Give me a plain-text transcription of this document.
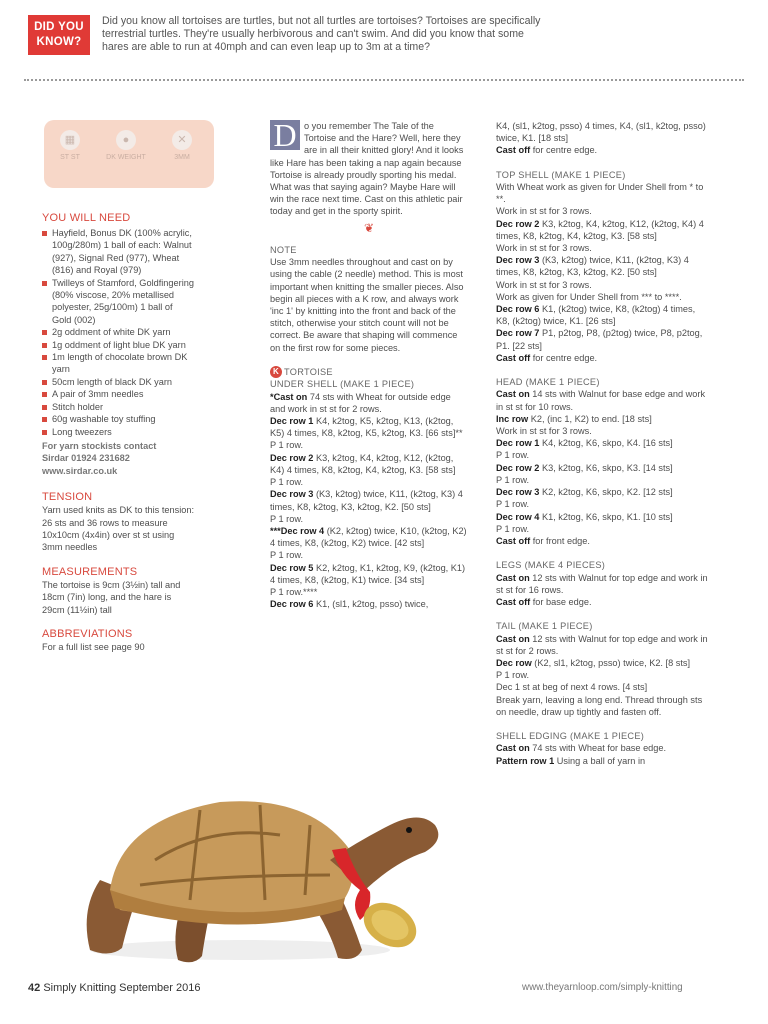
DID YOU
KNOW?
Did you know all tortoises are turtles, but not all turtles are tortoises? Tortoises are specifically terrestrial turtles. They're usually herbivorous and can't swim. And did you know that some hares are able to run at 40mph and can even leap up to 3m at a time?
▦
ST ST
●
DK WEIGHT
✕
3MM
YOU WILL NEED
Hayfield, Bonus DK (100% acrylic, 100g/280m) 1 ball of each: Walnut (927), Signal Red (977), Wheat (816) and Royal (979)
Twilleys of Stamford, Goldfingering (80% viscose, 20% metallised polyester, 25g/100m) 1 ball of Gold (002)
2g oddment of white DK yarn
1g oddment of light blue DK yarn
1m length of chocolate brown DK yarn
50cm length of black DK yarn
A pair of 3mm needles
Stitch holder
60g washable toy stuffing
Long tweezers
For yarn stockists contact
Sirdar 01924 231682
www.sirdar.co.uk
TENSION
Yarn used knits as DK to this tension: 26 sts and 36 rows to measure 10x10cm (4x4in) over st st using 3mm needles
MEASUREMENTS
The tortoise is 9cm (3½in) tall and 18cm (7in) long, and the hare is 29cm (11½in) tall
ABBREVIATIONS
For a full list see page 90
D o you remember The Tale of the Tortoise and the Hare? Well, here they are in all their knitted glory! And it looks like Hare has been taking a nap again because Tortoise is already proudly sporting his medal. What was that saying again? Maybe Hare will win the race next time. Cast on this athletic pair today and get in the sporty spirit.
❦
NOTE
Use 3mm needles throughout and cast on by using the cable (2 needle) method. This is most important when knitting the smaller pieces. Also begin all pieces with a K row, and always work 'inc 1' by knitting into the front and back of the stitch, otherwise your stitch count will not be correct. Be aware that shaping will commence on the first row for some pieces.
K TORTOISE
UNDER SHELL (MAKE 1 PIECE)
*Cast on 74 sts with Wheat for outside edge and work in st st for 2 rows.
Dec row 1 K4, k2tog, K5, k2tog, K13, (k2tog, K5) 4 times, K8, k2tog, K5, k2tog, K3. [66 sts]**
P 1 row.
Dec row 2 K3, k2tog, K4, k2tog, K12, (k2tog, K4) 4 times, K8, k2tog, K4, k2tog, K3. [58 sts]
P 1 row.
Dec row 3 (K3, k2tog) twice, K11, (k2tog, K3) 4 times, K8, k2tog, K3, k2tog, K2. [50 sts]
P 1 row.
***Dec row 4 (K2, k2tog) twice, K10, (k2tog, K2) 4 times, K8, (k2tog, K2) twice. [42 sts]
P 1 row.
Dec row 5 K2, k2tog, K1, k2tog, K9, (k2tog, K1) 4 times, K8, (k2tog, K1) twice. [34 sts]
P 1 row.****
Dec row 6 K1, (sl1, k2tog, psso) twice,
K4, (sl1, k2tog, psso) 4 times, K4, (sl1, k2tog, psso) twice, K1. [18 sts]
Cast off for centre edge.
TOP SHELL (MAKE 1 PIECE)
With Wheat work as given for Under Shell from * to **.
Work in st st for 3 rows.
Dec row 2 K3, k2tog, K4, k2tog, K12, (k2tog, K4) 4 times, K8, k2tog, K4, k2tog, K3. [58 sts]
Work in st st for 3 rows.
Dec row 3 (K3, k2tog) twice, K11, (k2tog, K3) 4 times, K8, k2tog, K3, k2tog, K2. [50 sts]
Work in st st for 3 rows.
Work as given for Under Shell from *** to ****.
Dec row 6 K1, (k2tog) twice, K8, (k2tog) 4 times, K8, (k2tog) twice, K1. [26 sts]
Dec row 7 P1, p2tog, P8, (p2tog) twice, P8, p2tog, P1. [22 sts]
Cast off for centre edge.
HEAD (MAKE 1 PIECE)
Cast on 14 sts with Walnut for base edge and work in st st for 10 rows.
Inc row K2, (inc 1, K2) to end. [18 sts]
Work in st st for 3 rows.
Dec row 1 K4, k2tog, K6, skpo, K4. [16 sts]
P 1 row.
Dec row 2 K3, k2tog, K6, skpo, K3. [14 sts]
P 1 row.
Dec row 3 K2, k2tog, K6, skpo, K2. [12 sts]
P 1 row.
Dec row 4 K1, k2tog, K6, skpo, K1. [10 sts]
P 1 row.
Cast off for front edge.
LEGS (MAKE 4 PIECES)
Cast on 12 sts with Walnut for top edge and work in st st for 16 rows.
Cast off for base edge.
TAIL (MAKE 1 PIECE)
Cast on 12 sts with Walnut for top edge and work in st st for 2 rows.
Dec row (K2, sl1, k2tog, psso) twice, K2. [8 sts]
P 1 row.
Dec 1 st at beg of next 4 rows. [4 sts]
Break yarn, leaving a long end. Thread through sts on needle, draw up tightly and fasten off.
SHELL EDGING (MAKE 1 PIECE)
Cast on 74 sts with Wheat for base edge.
Pattern row 1 Using a ball of yarn in
42 Simply Knitting September 2016	www.theyarnloop.com/simply-knitting
